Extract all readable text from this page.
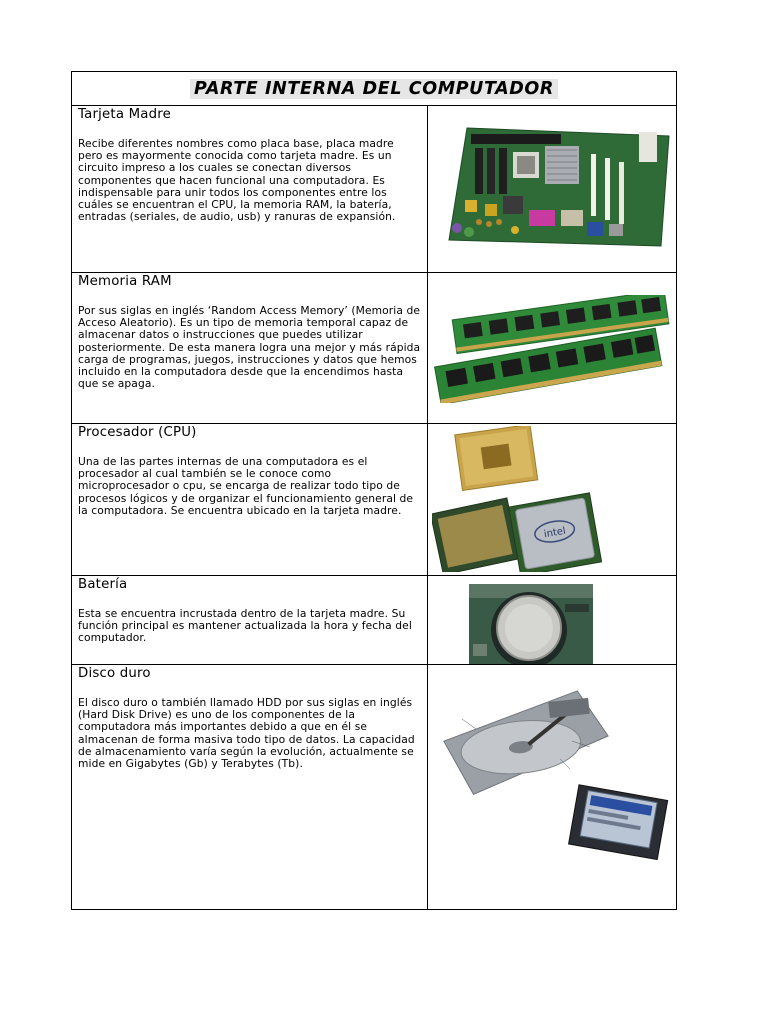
PARTE INTERNA DEL COMPUTADOR

Tarjeta Madre

Recibe diferentes nombres como placa base, placa madre pero es mayormente conocida como tarjeta madre. Es un circuito impreso a los cuales se conectan diversos componentes que hacen funcional una computadora. Es indispensable para unir todos los componentes entre los cuáles se encuentran el CPU, la memoria RAM, la batería, entradas (seriales, de audio, usb) y ranuras de expansión.

Memoria RAM

Por sus siglas en inglés ‘Random Access Memory’ (Memoria de Acceso Aleatorio). Es un tipo de memoria temporal capaz de almacenar datos o instrucciones que puedes utilizar posteriormente. De esta manera logra una mejor y más rápida carga de programas, juegos, instrucciones y datos que hemos incluido en la computadora desde que la encendimos hasta que se apaga.

Procesador (CPU)

Una de las partes internas de una computadora es el procesador al cual también se le conoce como microprocesador o cpu, se encarga de realizar todo tipo de procesos lógicos y de organizar el funcionamiento general de la computadora. Se encuentra ubicado en la tarjeta madre.

intel

Batería

Esta se encuentra incrustada dentro de la tarjeta madre. Su función principal es mantener actualizada la hora y fecha del computador.

Disco duro

El disco duro o también llamado HDD por sus siglas en inglés (Hard Disk Drive) es uno de los componentes de la computadora más importantes debido a que en él se almacenan de forma masiva todo tipo de datos. La capacidad de almacenamiento varía según la evolución, actualmente se mide en Gigabytes (Gb) y Terabytes (Tb).
